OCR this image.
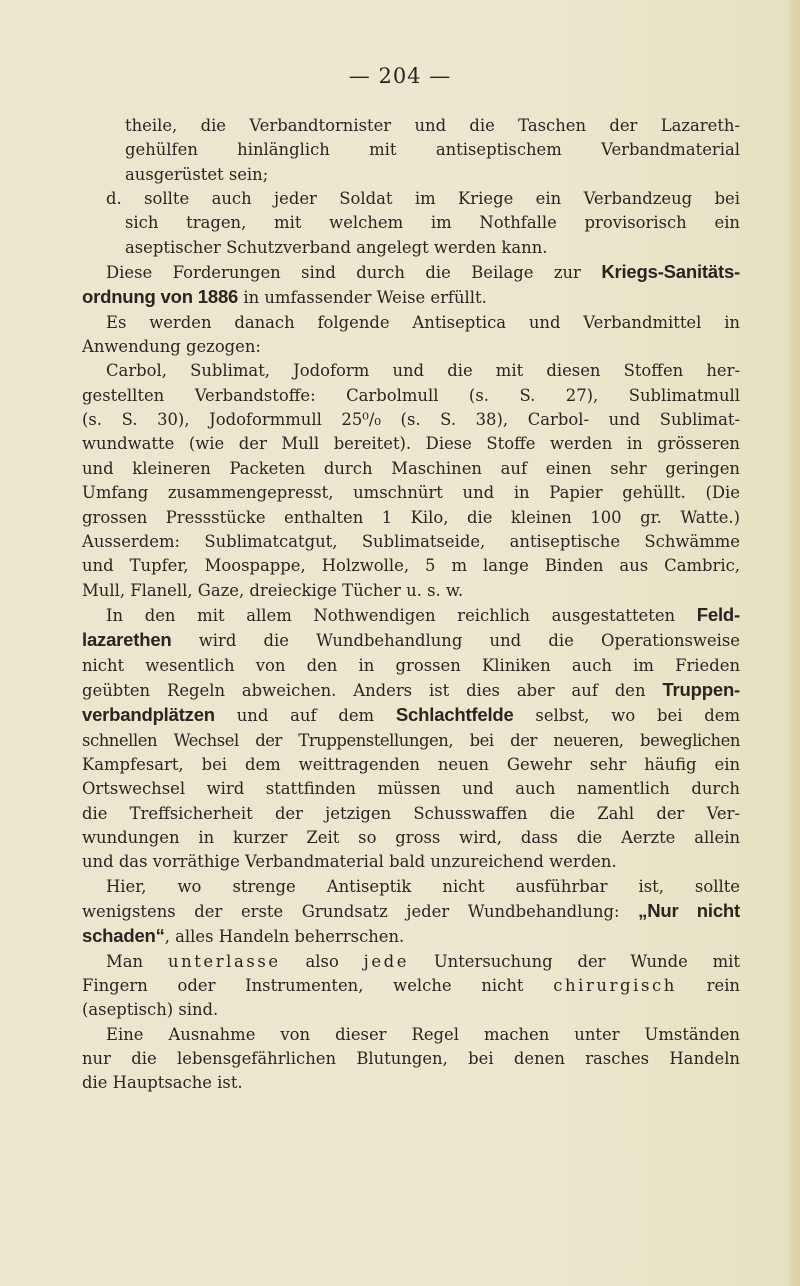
— 204 —
theile, die Verbandtornister und die Taschen der Lazareth-
gehülfen hinlänglich mit antiseptischem Verbandmaterial
ausgerüstet sein;
d. sollte auch jeder Soldat im Kriege ein Verbandzeug bei
sich tragen, mit welchem im Nothfalle provisorisch ein
aseptischer Schutzverband angelegt werden kann.
Diese Forderungen sind durch die Beilage zur Kriegs-Sanitäts-
ordnung von 1886 in umfassender Weise erfüllt.
Es werden danach folgende Antiseptica und Verbandmittel in
Anwendung gezogen:
Carbol, Sublimat, Jodoform und die mit diesen Stoffen her-
gestellten Verbandstoffe: Carbolmull (s. S. 27), Sublimatmull
(s. S. 30), Jodoformmull 25⁰/₀ (s. S. 38), Carbol- und Sublimat-
wundwatte (wie der Mull bereitet). Diese Stoffe werden in grösseren
und kleineren Packeten durch Maschinen auf einen sehr geringen
Umfang zusammengepresst, umschnürt und in Papier gehüllt. (Die
grossen Pressstücke enthalten 1 Kilo, die kleinen 100 gr. Watte.)
Ausserdem: Sublimatcatgut, Sublimatseide, antiseptische Schwämme
und Tupfer, Moospappe, Holzwolle, 5 m lange Binden aus Cambric,
Mull, Flanell, Gaze, dreieckige Tücher u. s. w.
In den mit allem Nothwendigen reichlich ausgestatteten Feld-
lazarethen wird die Wundbehandlung und die Operationsweise
nicht wesentlich von den in grossen Kliniken auch im Frieden
geübten Regeln abweichen. Anders ist dies aber auf den Truppen-
verbandplätzen und auf dem Schlachtfelde selbst, wo bei dem
schnellen Wechsel der Truppenstellungen, bei der neueren, beweglichen
Kampfesart, bei dem weittragenden neuen Gewehr sehr häufig ein
Ortswechsel wird stattfinden müssen und auch namentlich durch
die Treffsicherheit der jetzigen Schusswaffen die Zahl der Ver-
wundungen in kurzer Zeit so gross wird, dass die Aerzte allein
und das vorräthige Verbandmaterial bald unzureichend werden.
Hier, wo strenge Antiseptik nicht ausführbar ist, sollte
wenigstens der erste Grundsatz jeder Wundbehandlung: „Nur nicht
schaden“, alles Handeln beherrschen.
Man unterlasse also jede Untersuchung der Wunde mit
Fingern oder Instrumenten, welche nicht chirurgisch rein
(aseptisch) sind.
Eine Ausnahme von dieser Regel machen unter Umständen
nur die lebensgefährlichen Blutungen, bei denen rasches Handeln
die Hauptsache ist.
